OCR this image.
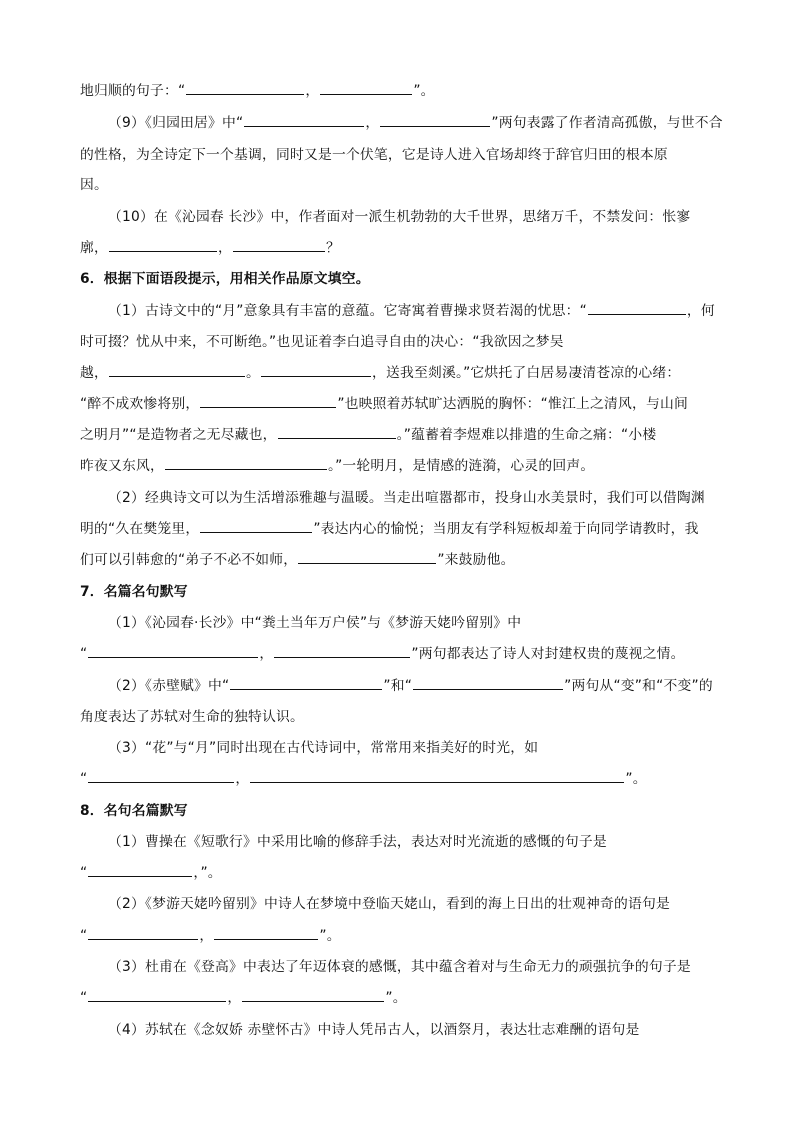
地归顺的句子：“	，	”。
（9）《归园田居》中“	，	”两句表露了作者清高孤傲，与世不合
的性格，为全诗定下一个基调，同时又是一个伏笔，它是诗人进入官场却终于辞官归田的根本原
因。
（10）在《沁园春 长沙》中，作者面对一派生机勃勃的大千世界，思绪万千，不禁发问：怅寥
廓，	，	？
6．根据下面语段提示，用相关作品原文填空。
（1）古诗文中的“月”意象具有丰富的意蕴。它寄寓着曹操求贤若渴的忧思：“	，何
时可掇？忧从中来，不可断绝。”也见证着李白追寻自由的决心：“我欲因之梦吴
越，	。	，送我至剡溪。”它烘托了白居易凄清苍凉的心绪：
“醉不成欢惨将别，	”也映照着苏轼旷达洒脱的胸怀：“惟江上之清风，与山间
之明月”“是造物者之无尽藏也，	。”蕴蓄着李煜难以排遣的生命之痛：“小楼
昨夜又东风，	。”一轮明月，是情感的涟漪，心灵的回声。
（2）经典诗文可以为生活增添雅趣与温暖。当走出喧嚣都市，投身山水美景时，我们可以借陶渊
明的“久在樊笼里，	”表达内心的愉悦；当朋友有学科短板却羞于向同学请教时，我
们可以引韩愈的“弟子不必不如师，	”来鼓励他。
7．名篇名句默写
（1）《沁园春·长沙》中“粪土当年万户侯”与《梦游天姥吟留别》中
“	，	”两句都表达了诗人对封建权贵的蔑视之情。
（2）《赤壁赋》中“	”和“	”两句从“变”和“不变”的
角度表达了苏轼对生命的独特认识。
（3）“花”与“月”同时出现在古代诗词中，常常用来指美好的时光，如
“	，	”。
8．名句名篇默写
（1）曹操在《短歌行》中采用比喻的修辞手法，表达对时光流逝的感慨的句子是
“	，”。
（2）《梦游天姥吟留别》中诗人在梦境中登临天姥山，看到的海上日出的壮观神奇的语句是
“	，	”。
（3）杜甫在《登高》中表达了年迈体衰的感慨，其中蕴含着对与生命无力的顽强抗争的句子是
“	，	”。
（4）苏轼在《念奴娇 赤壁怀古》中诗人凭吊古人，以酒祭月，表达壮志难酬的语句是
